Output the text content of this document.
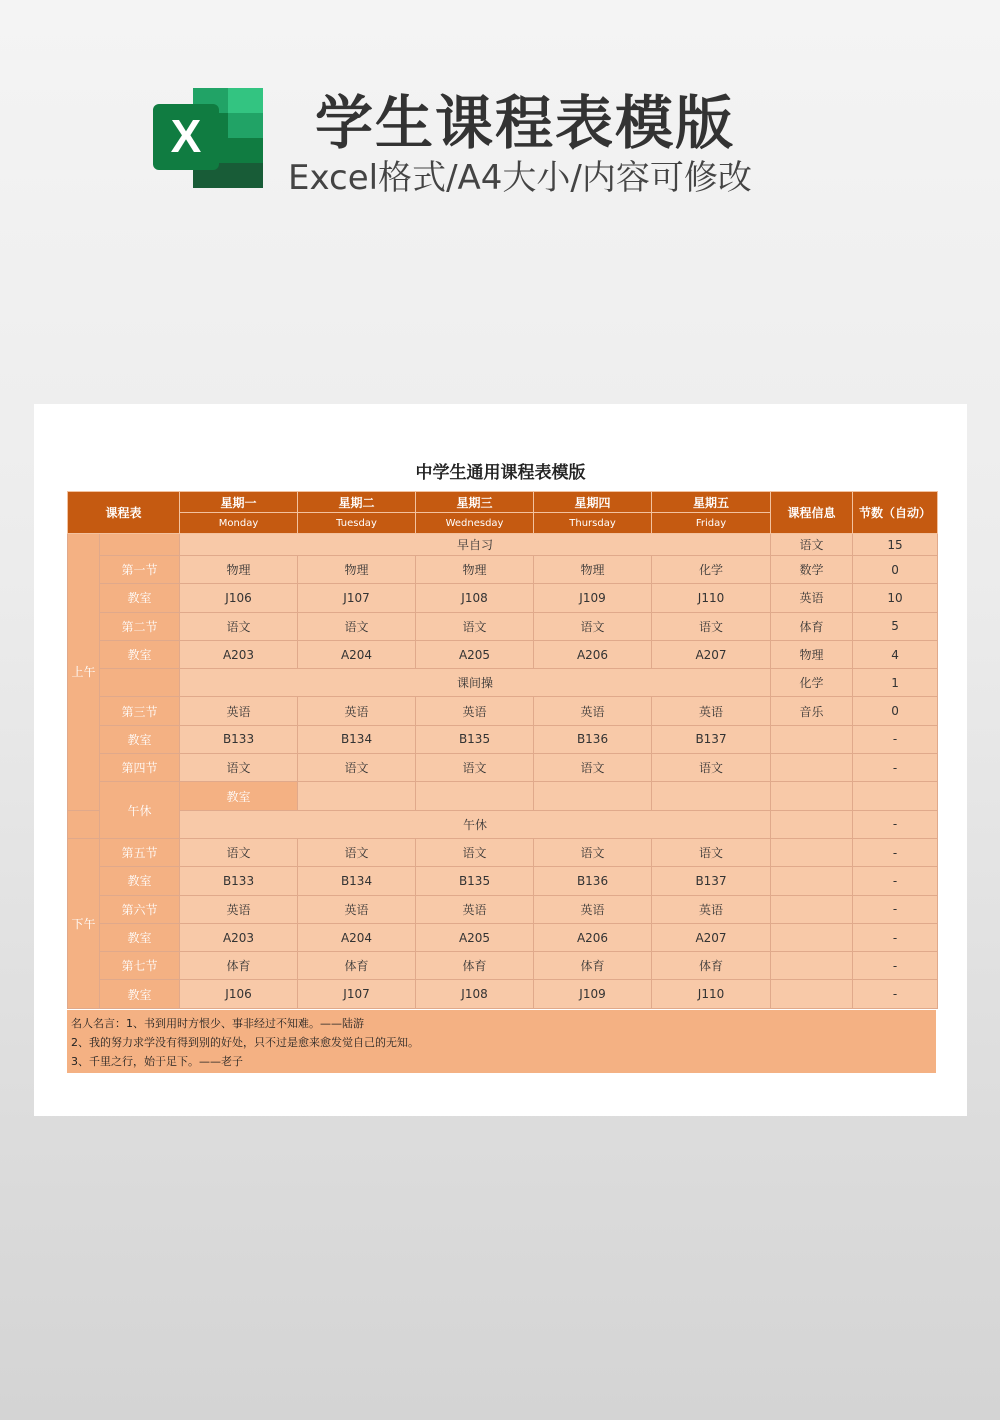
X	学生课程表模版
Excel格式/A4大小/内容可修改
中学生通用课程表模版
课程表		星期一	星期二	星期三	星期四	星期五	课程信息	节数（自动）	
		Monday	Tuesday	Wednesday	Thursday	Friday			
上午		早自习					语文	15	
	第一节	物理	物理	物理	物理	化学	数学	0	
	教室	J106	J107	J108	J109	J110	英语	10	
	第二节	语文	语文	语文	语文	语文	体育	5	
	教室	A203	A204	A205	A206	A207	物理	4	
		课间操					化学	1	
	第三节	英语	英语	英语	英语	英语	音乐	0	
	教室	B133	B134	B135	B136	B137		-	
	第四节	语文	语文	语文	语文	语文		-	
	午休	教室							
		午休						-	
下午	第五节	语文	语文	语文	语文	语文		-	
	教室	B133	B134	B135	B136	B137		-	
	第六节	英语	英语	英语	英语	英语		-	
	教室	A203	A204	A205	A206	A207		-	
	第七节	体育	体育	体育	体育	体育		-	
	教室	J106	J107	J108	J109	J110		-	
名人名言：1、书到用时方恨少、事非经过不知难。——陆游
2、我的努力求学没有得到别的好处，只不过是愈来愈发觉自己的无知。
3、千里之行，始于足下。——老子
